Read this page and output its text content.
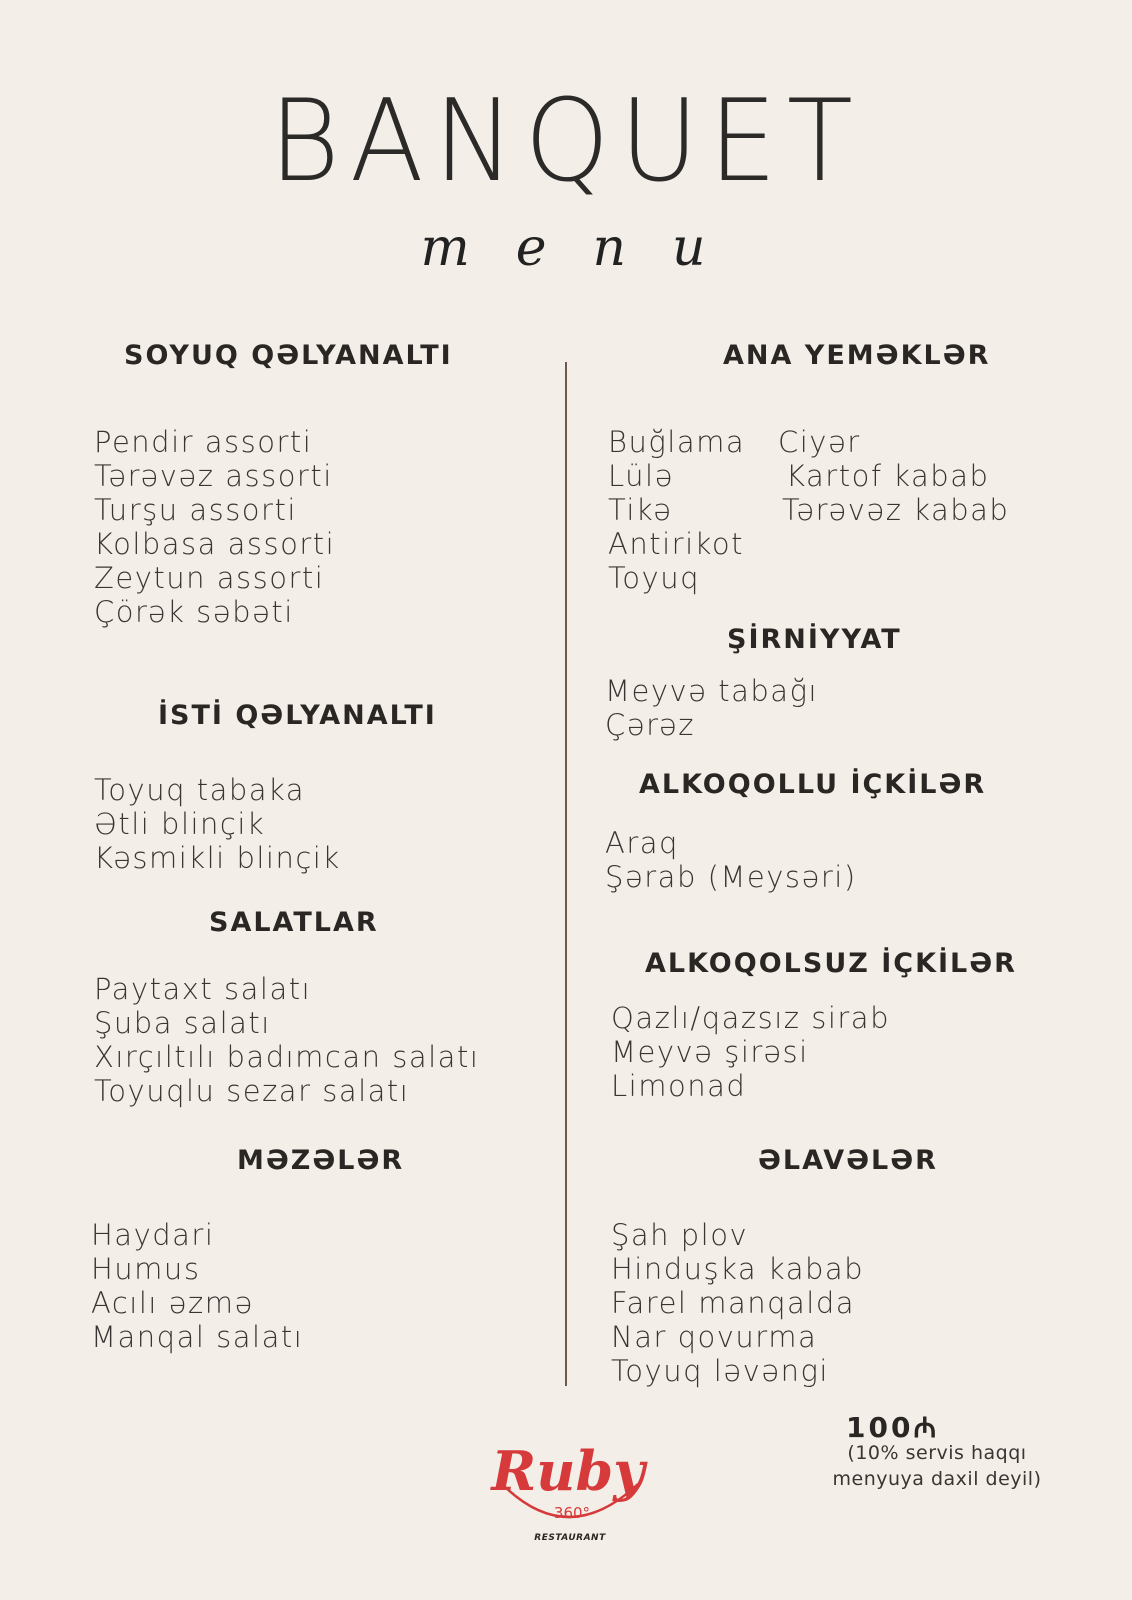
BANQUET
menu
SOYUQ QƏLYANALTI
Pendir assorti
Tərəvəz assorti
Turşu assorti
Kolbasa assorti
Zeytun assorti
Çörək səbəti
İSTİ QƏLYANALTI
Toyuq tabaka
Ətli blinçik
Kəsmikli blinçik
SALATLAR
Paytaxt salatı
Şuba salatı
Xırçıltılı badımcan salatı
Toyuqlu sezar salatı
MƏZƏLƏR
Haydari
Humus
Acılı əzmə
Manqal salatı
ANA YEMƏKLƏR
Buğlama
Lülə
Tikə
Antirikot
Toyuq
Ciyər
Kartof kabab
Tərəvəz kabab
ŞİRNİYYAT
Meyvə tabağı
Çərəz
ALKOQOLLU İÇKİLƏR
Araq
Şərab (Meysəri)
ALKOQOLSUZ İÇKİLƏR
Qazlı/qazsız sirab
Meyvə şirəsi
Limonad
ƏLAVƏLƏR
Şah plov
Hinduşka kabab
Farel manqalda
Nar qovurma
Toyuq ləvəngi
100₼
(10% servis haqqı
menyuya daxil deyil)
Ruby
360°
RESTAURANT
